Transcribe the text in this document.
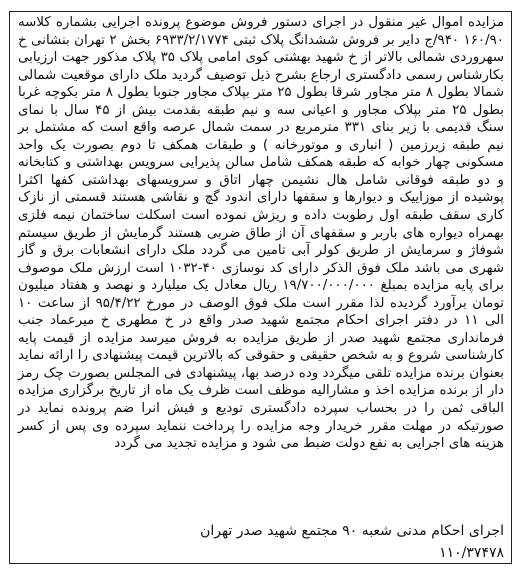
مزایده اموال غیر منقول در اجرای دستور فروش موضوع پرونده اجرایی بشماره کلاسه ۱۶۰/۹۰ ۹۴۰/ج دایر بر فروش ششدانگ پلاک ثبتی ۶۹۳۳/۲/۱۷۷۴ بخش ۲ تهران بنشانی خ سهروردی شمالی بالاتر از خ شهید بهشتی کوی امامی پلاک ۳۵ پلاک مذکور جهت ارزیابی بکارشناس رسمی دادگستری ارجاع بشرح ذیل توصیف گردید ملک دارای موقعیت شمالی شمالا بطول ۸ متر مجاور شرقا بطول ۲۵ متر بپلاک مجاور جنوبا بطول ۸ متر بکوچه غربا بطول ۲۵ متر بپلاک مجاور و اعیانی سه و نیم طبقه بقدمت بیش از ۴۵ سال با نمای سنگ قدیمی با زیر بنای ۳۳۱ مترمربع در سمت شمال عرصه واقع است که مشتمل بر نیم طبقه زیرزمین ( انباری و موتورخانه ) و طبقات همکف تا دوم بصورت یک واحد مسکونی چهار خوابه که طبقه همکف شامل سالن پذیرایی سرویس بهداشتی و کتابخانه و دو طبقه فوقانی شامل هال نشیمن چهار اتاق و سرویسهای بهداشتی کفها اکثرا پوشیده از موزاییک و دیوارها و سقفها دارای اندود گچ و نقاشی هستند قسمتی از نازک کاری سقف طبقه اول رطوبت داده و ریزش نموده است اسکلت ساختمان نیمه فلزی بهمراه دیواره های باربر و سقفهای آن از طاق ضربی هستند گرمایش از طریق سیستم شوفاژ و سرمایش از طریق کولر آبی تامین می گردد ملک دارای انشعابات برق و گاز شهری می باشد ملک فوق الذکر دارای کد نوسازی ۴۰-۱۰۳۲ است ارزش ملک موصوف برای پایه مزایده بمبلغ ۱۹/۷۰۰/۰۰۰/۰۰۰ ریال معادل یک میلیارد و نهصد و هفتاد میلیون تومان برآورد گردیده لذا مقرر است ملک فوق الوصف در مورخ ۹۵/۴/۲۲ از ساعت ۱۰ الی ۱۱ در دفتر اجرای احکام مجتمع شهید صدر واقع در خ مطهری خ میرعماد جنب فرمانداری مجتمع شهید صدر از طریق مزایده به فروش میرسد مزایده از قیمت پایه کارشناسی شروع و به شخص حقیقی و حقوقی که بالاترین قیمت پیشنهادی را ارائه نماید بعنوان برنده مزایده تلقی میگردد وده درصد بها، پیشنهادی فی المجلس بصورت چک رمز دار از برنده مزایده اخذ و مشارالیه موظف است ظرف یک ماه از تاریخ برگزاری مزایده الباقی ثمن را در بحساب سپرده دادگستری تودیع و فیش انرا ضم پرونده نماید در صورتیکه در مهلت مقرر خریدار وجه مزایده را پرداخت ننماید سپرده وی پس از کسر هزینه های اجرایی به نفع دولت ضبط می شود و مزایده تجدید می گردد

اجرای احکام مدنی شعبه ۹۰ مجتمع شهید صدر تهران
۱۱۰/۳۷۴۷۸
